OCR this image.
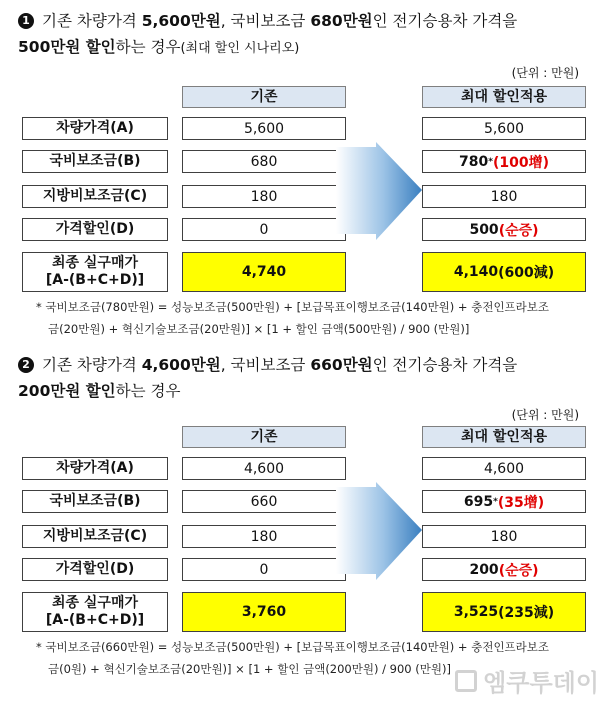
1 기존 차량가격 5,600만원, 국비보조금 680만원인 전기승용차 가격을
500만원 할인하는 경우(최대 할인 시나리오)
(단위 : 만원)
기존	최대 할인적용
차량가격(A)	5,600	5,600
국비보조금(B)	680	780 * (100增)
지방비보조금(C)	180	180
가격할인(D)	0	500 (순증)
최종 실구매가
[A-(B+C+D)]	4,740	4,140 (600減)
* 국비보조금(780만원) = 성능보조금(500만원) + [보급목표이행보조금(140만원) + 충전인프라보조
금(20만원) + 혁신기술보조금(20만원)] × [1 + 할인 금액(500만원) / 900 (만원)]
2 기존 차량가격 4,600만원, 국비보조금 660만원인 전기승용차 가격을
200만원 할인하는 경우
(단위 : 만원)
기존	최대 할인적용
차량가격(A)	4,600	4,600
국비보조금(B)	660	695 * (35增)
지방비보조금(C)	180	180
가격할인(D)	0	200 (순증)
최종 실구매가
[A-(B+C+D)]	3,760	3,525 (235減)
* 국비보조금(660만원) = 성능보조금(500만원) + [보급목표이행보조금(140만원) + 충전인프라보조
금(0원) + 혁신기술보조금(20만원)] × [1 + 할인 금액(200만원) / 900 (만원)]	엠쿠투데이
